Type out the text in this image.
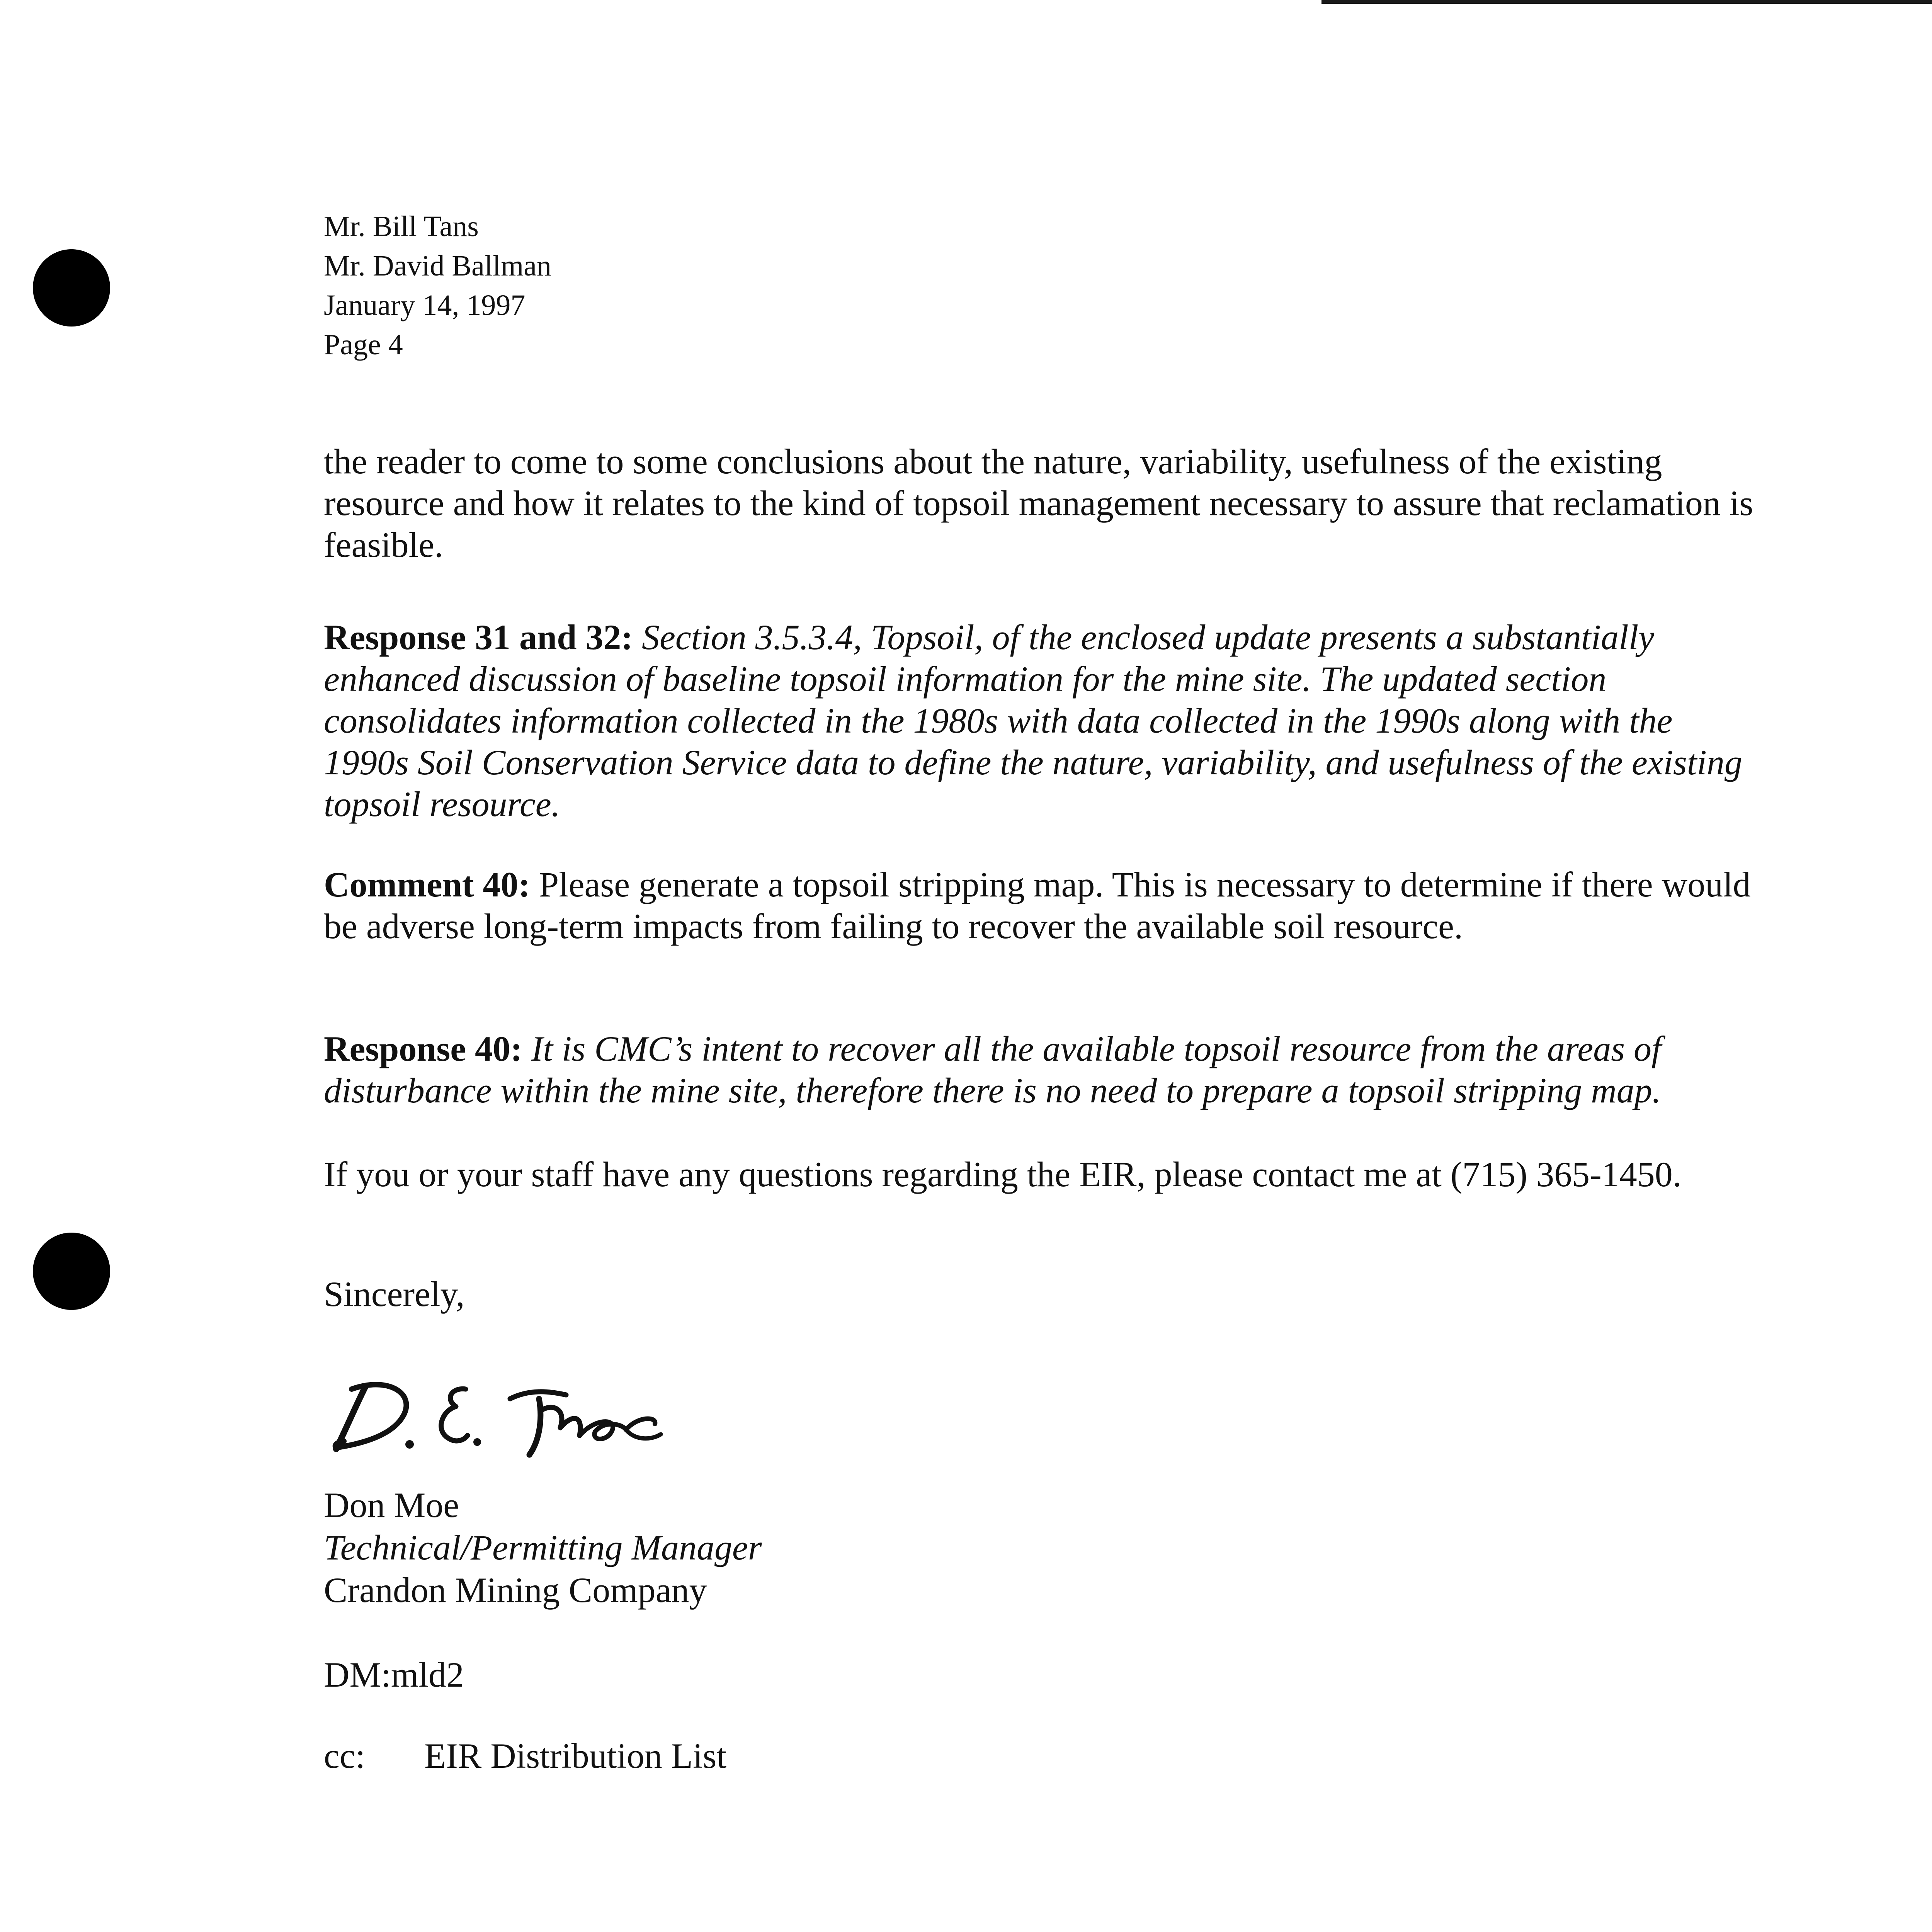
Mr. Bill Tans
Mr. David Ballman
January 14, 1997
Page 4

the reader to come to some conclusions about the nature, variability, usefulness of the existing resource and how it relates to the kind of topsoil management necessary to assure that reclamation is feasible.

Response 31 and 32: Section 3.5.3.4, Topsoil, of the enclosed update presents a substantially enhanced discussion of baseline topsoil information for the mine site. The updated section consolidates information collected in the 1980s with data collected in the 1990s along with the 1990s Soil Conservation Service data to define the nature, variability, and usefulness of the existing topsoil resource.

Comment 40: Please generate a topsoil stripping map. This is necessary to determine if there would be adverse long-term impacts from failing to recover the available soil resource.

Response 40: It is CMC’s intent to recover all the available topsoil resource from the areas of disturbance within the mine site, therefore there is no need to prepare a topsoil stripping map.

If you or your staff have any questions regarding the EIR, please contact me at (715) 365-1450.

Sincerely,
Don Moe
Technical/Permitting Manager
Crandon Mining Company
DM:mld2
cc: EIR Distribution List
